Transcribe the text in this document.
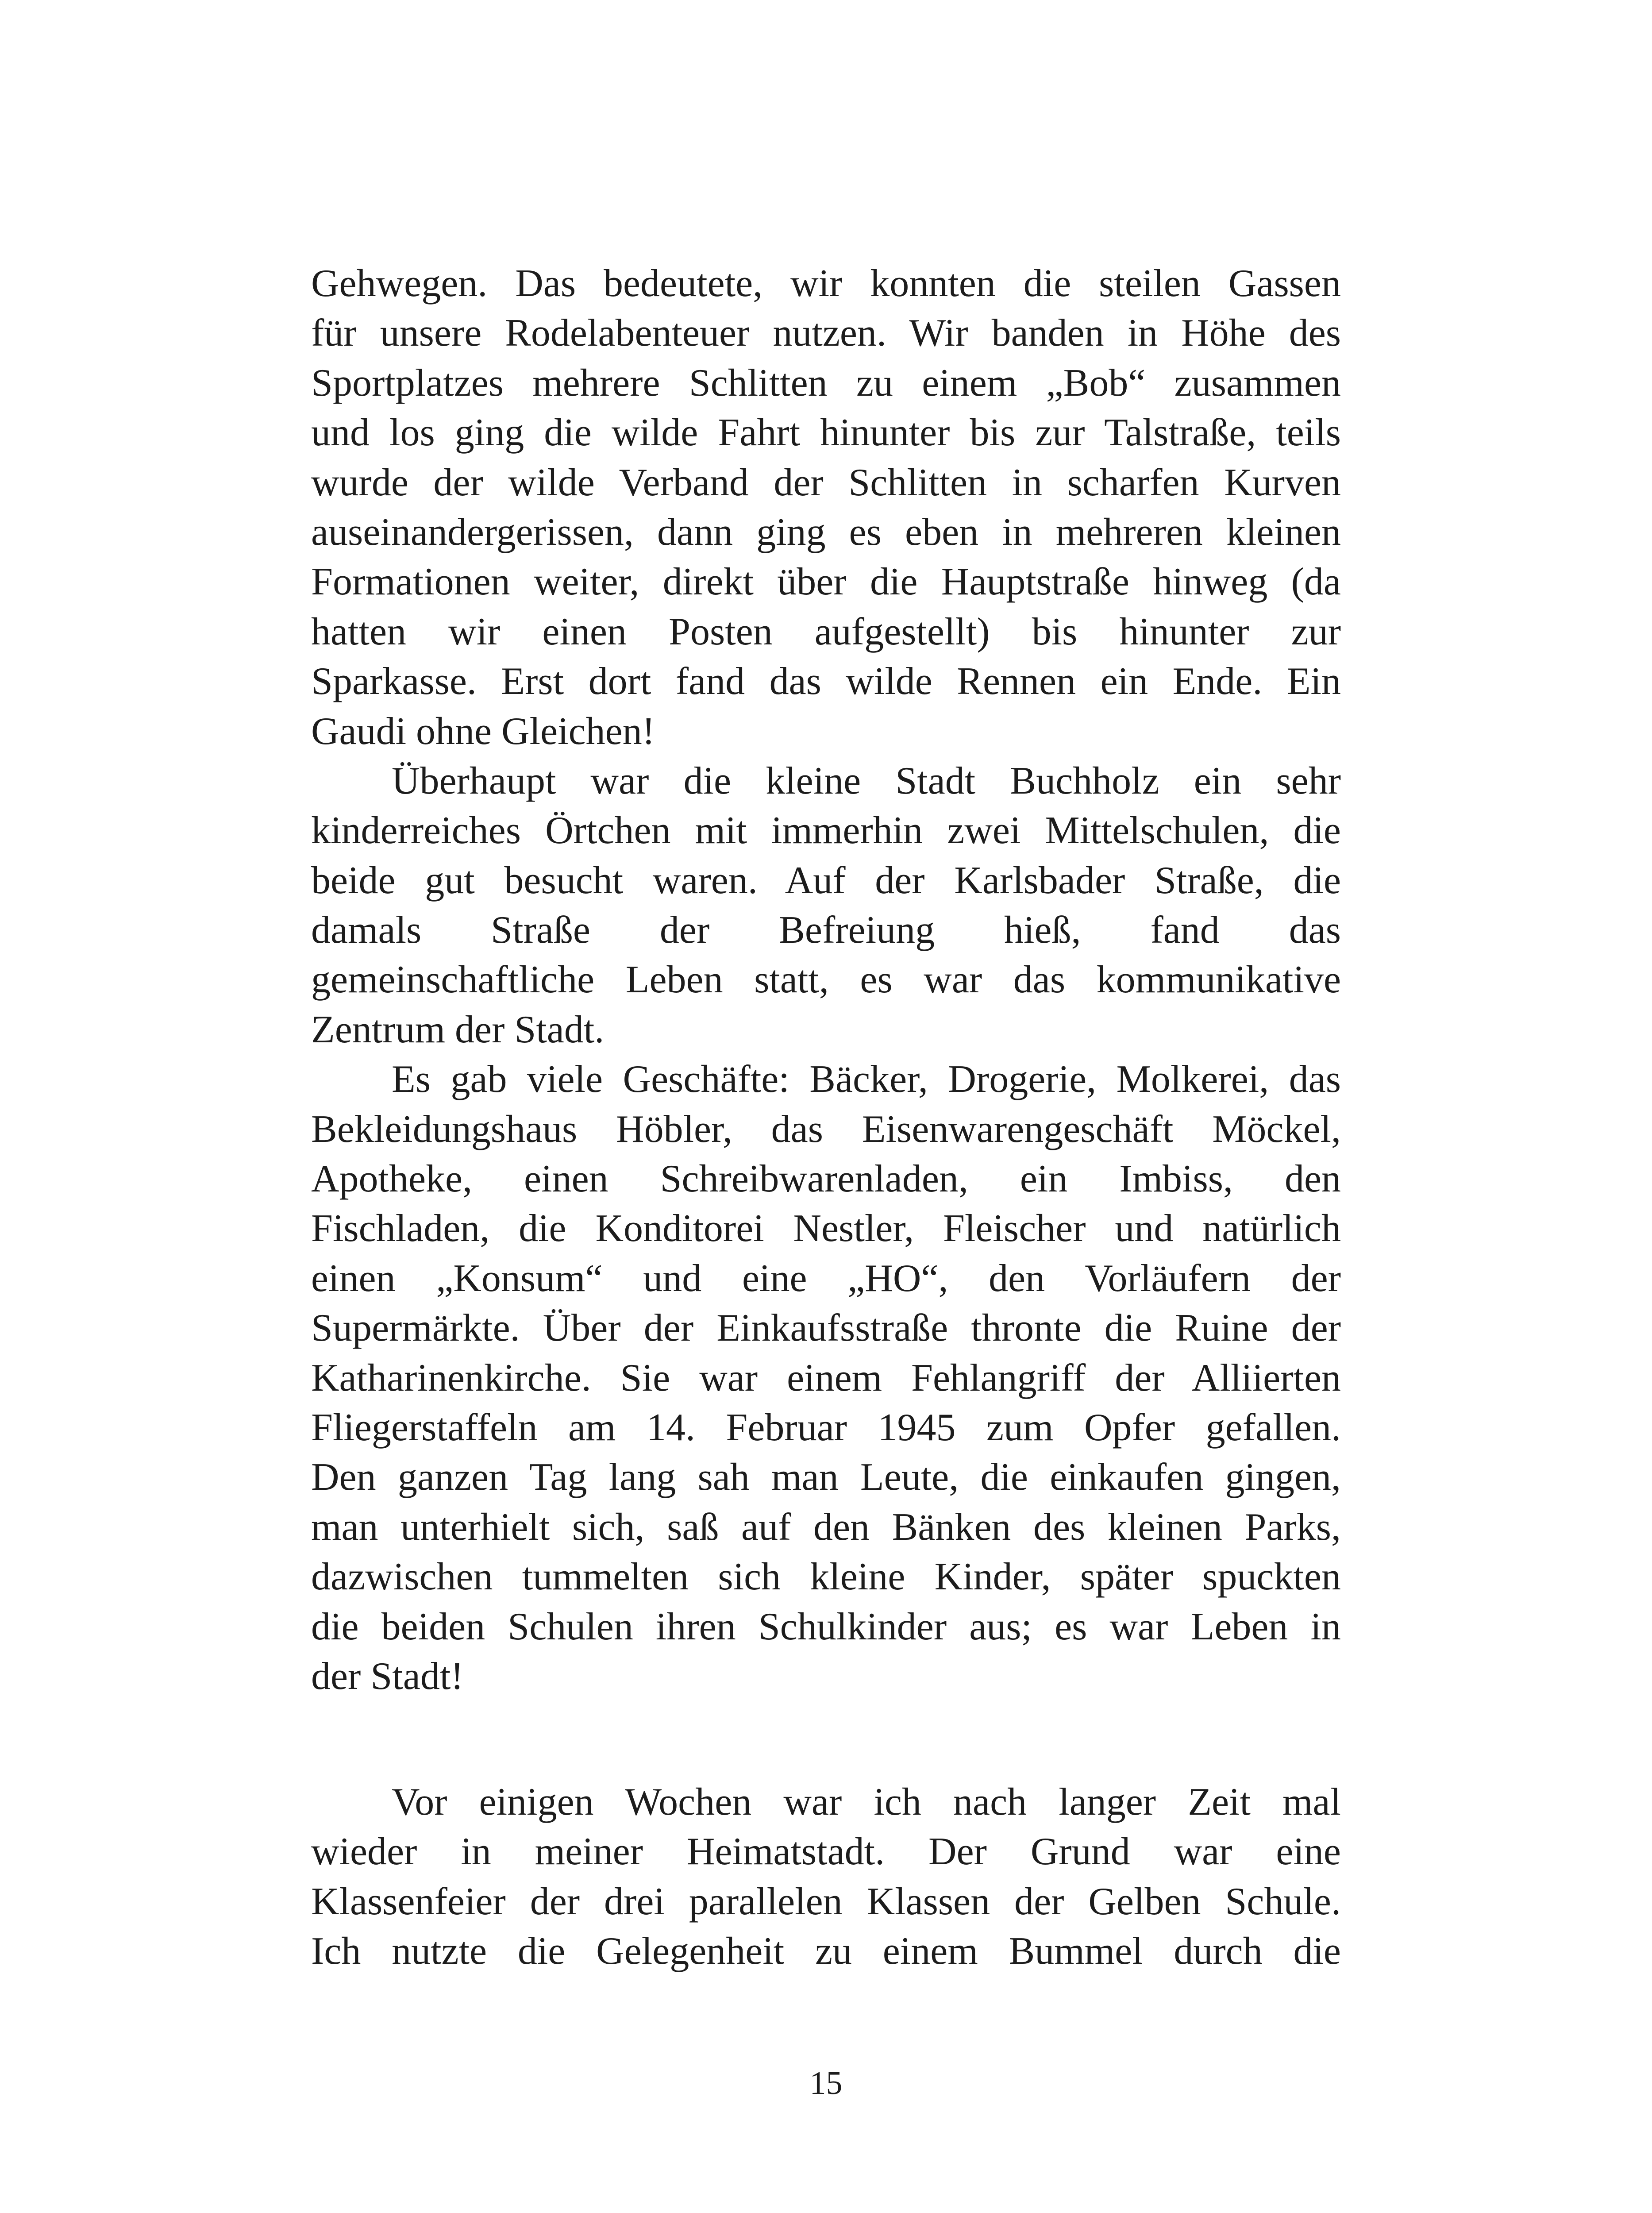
Gehwegen. Das bedeutete, wir konnten die steilen Gassen
für unsere Rodelabenteuer nutzen. Wir banden in Höhe des
Sportplatzes mehrere Schlitten zu einem „Bob“ zusammen
und los ging die wilde Fahrt hinunter bis zur Talstraße, teils
wurde der wilde Verband der Schlitten in scharfen Kurven
auseinandergerissen, dann ging es eben in mehreren kleinen
Formationen weiter, direkt über die Hauptstraße hinweg (da
hatten wir einen Posten aufgestellt) bis hinunter zur
Sparkasse. Erst dort fand das wilde Rennen ein Ende. Ein
Gaudi ohne Gleichen!
Überhaupt war die kleine Stadt Buchholz ein sehr
kinderreiches Örtchen mit immerhin zwei Mittelschulen, die
beide gut besucht waren. Auf der Karlsbader Straße, die
damals Straße der Befreiung hieß, fand das
gemeinschaftliche Leben statt, es war das kommunikative
Zentrum der Stadt.
Es gab viele Geschäfte: Bäcker, Drogerie, Molkerei, das
Bekleidungshaus Höbler, das Eisenwarengeschäft Möckel,
Apotheke, einen Schreibwarenladen, ein Imbiss, den
Fischladen, die Konditorei Nestler, Fleischer und natürlich
einen „Konsum“ und eine „HO“, den Vorläufern der
Supermärkte. Über der Einkaufsstraße thronte die Ruine der
Katharinenkirche. Sie war einem Fehlangriff der Alliierten
Fliegerstaffeln am 14. Februar 1945 zum Opfer gefallen.
Den ganzen Tag lang sah man Leute, die einkaufen gingen,
man unterhielt sich, saß auf den Bänken des kleinen Parks,
dazwischen tummelten sich kleine Kinder, später spuckten
die beiden Schulen ihren Schulkinder aus; es war Leben in
der Stadt!
Vor einigen Wochen war ich nach langer Zeit mal
wieder in meiner Heimatstadt. Der Grund war eine
Klassenfeier der drei parallelen Klassen der Gelben Schule.
Ich nutzte die Gelegenheit zu einem Bummel durch die
15
